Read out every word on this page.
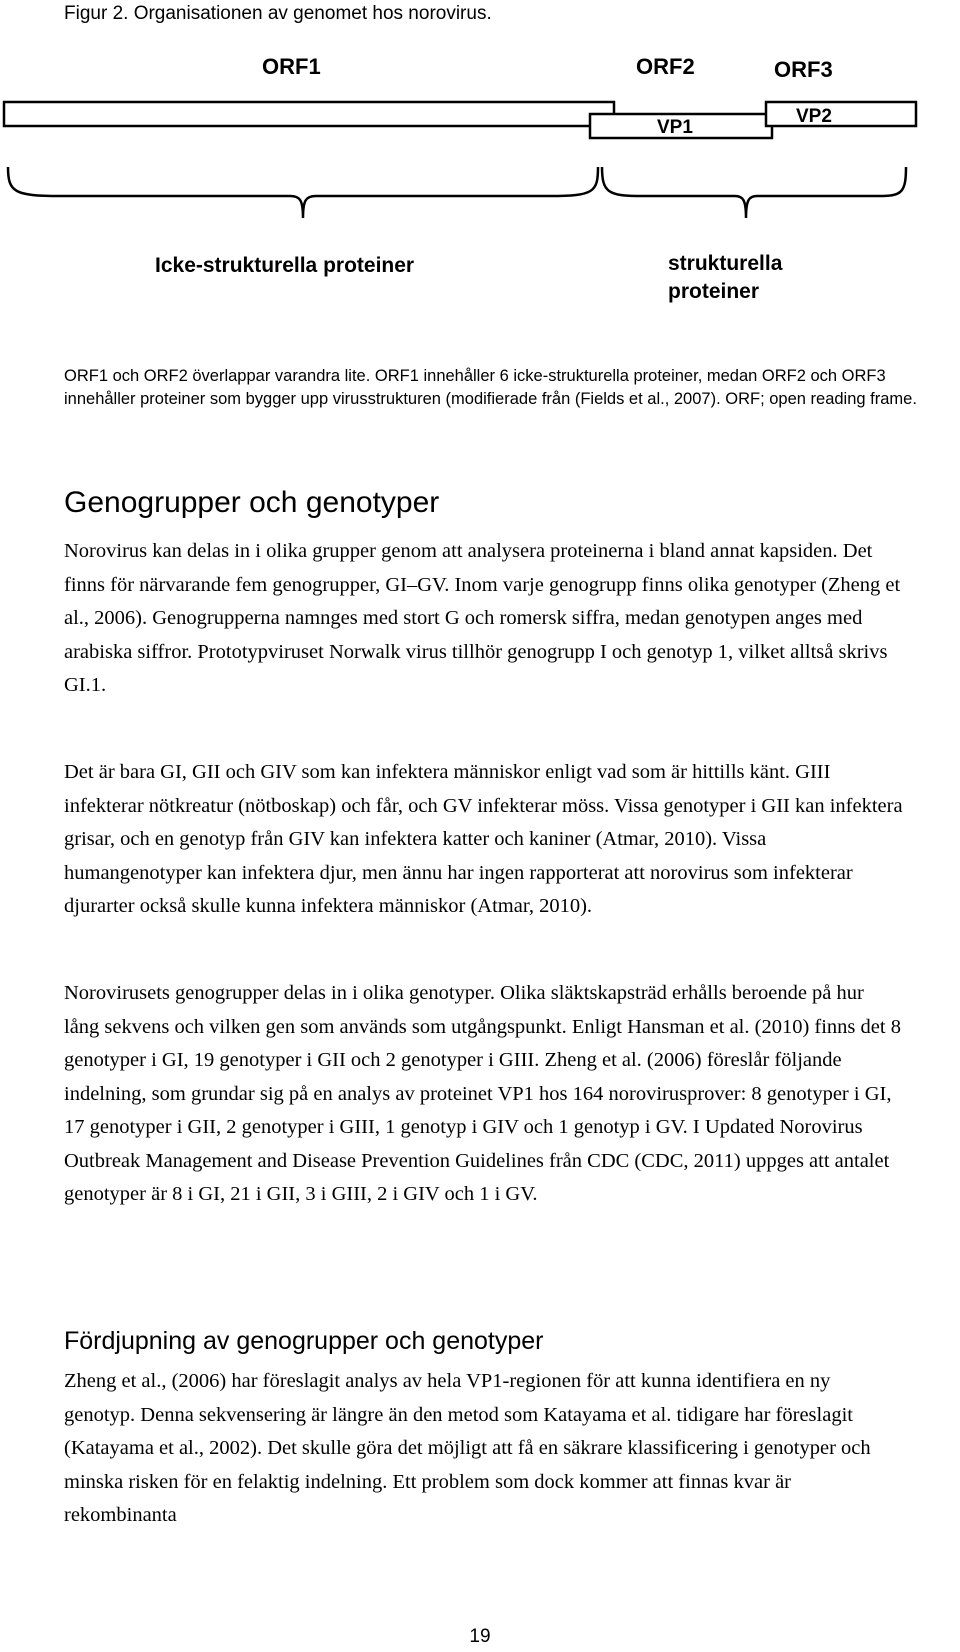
Figur 2. Organisationen av genomet hos norovirus.
ORF1	ORF2	ORF3
VP1
VP2
Icke-strukturella proteiner	strukturella
proteiner

ORF1 och ORF2 överlappar varandra lite. ORF1 innehåller 6 icke-strukturella proteiner, medan ORF2 och ORF3 innehåller proteiner som bygger upp virusstrukturen (modifierade från (Fields et al., 2007). ORF; open reading frame.

Genogrupper och genotyper

Norovirus kan delas in i olika grupper genom att analysera proteinerna i bland annat kapsiden. Det finns för närvarande fem genogrupper, GI–GV. Inom varje genogrupp finns olika genotyper (Zheng et al., 2006). Genogrupperna namnges med stort G och romersk siffra, medan genotypen anges med arabiska siffror. Prototypviruset Norwalk virus tillhör genogrupp I och genotyp 1, vilket alltså skrivs GI.1.

Det är bara GI, GII och GIV som kan infektera människor enligt vad som är hittills känt. GIII infekterar nötkreatur (nötboskap) och får, och GV infekterar möss. Vissa genotyper i GII kan infektera grisar, och en genotyp från GIV kan infektera katter och kaniner (Atmar, 2010). Vissa humangenotyper kan infektera djur, men ännu har ingen rapporterat att norovirus som infekterar djurarter också skulle kunna infektera människor (Atmar, 2010).

Norovirusets genogrupper delas in i olika genotyper. Olika släktskapsträd erhålls beroende på hur lång sekvens och vilken gen som används som utgångspunkt. Enligt Hansman et al. (2010) finns det 8 genotyper i GI, 19 genotyper i GII och 2 genotyper i GIII. Zheng et al. (2006) föreslår följande indelning, som grundar sig på en analys av proteinet VP1 hos 164 norovirusprover: 8 genotyper i GI, 17 genotyper i GII, 2 genotyper i GIII, 1 genotyp i GIV och 1 genotyp i GV. I Updated Norovirus Outbreak Management and Disease Prevention Guidelines från CDC (CDC, 2011) uppges att antalet genotyper är 8 i GI, 21 i GII, 3 i GIII, 2 i GIV och 1 i GV.

Fördjupning av genogrupper och genotyper

Zheng et al., (2006) har föreslagit analys av hela VP1-regionen för att kunna identifiera en ny genotyp. Denna sekvensering är längre än den metod som Katayama et al. tidigare har föreslagit (Katayama et al., 2002). Det skulle göra det möjligt att få en säkrare klassificering i genotyper och minska risken för en felaktig indelning. Ett problem som dock kommer att finnas kvar är rekombinanta

19
